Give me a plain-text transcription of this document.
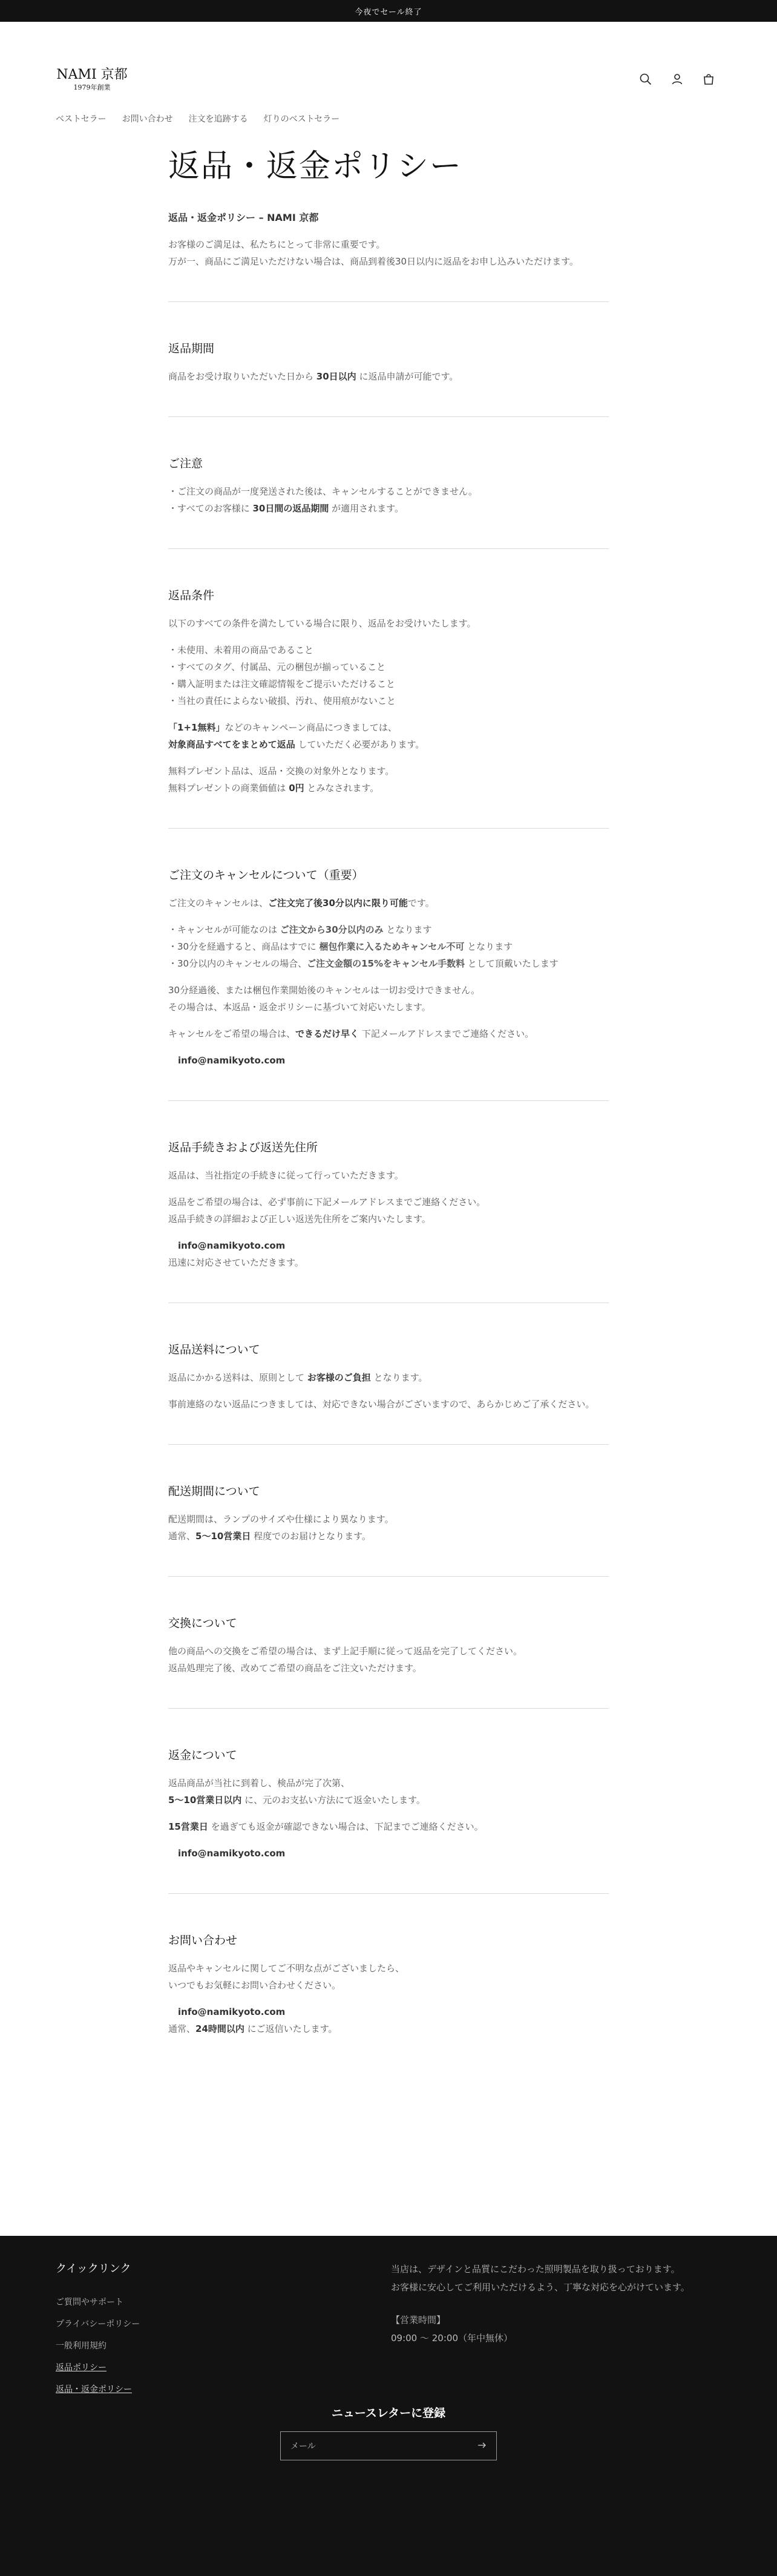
今夜でセール終了
NAMI 京都
1979年創業
ベストセラー お問い合わせ 注文を追跡する 灯りのベストセラー
返品・返金ポリシー
返品・返金ポリシー – NAMI 京都

お客様のご満足は、私たちにとって非常に重要です。
万が一、商品にご満足いただけない場合は、商品到着後30日以内に返品をお申し込みいただけます。

返品期間

商品をお受け取りいただいた日から 30日以内 に返品申請が可能です。

ご注意

・ご注文の商品が一度発送された後は、キャンセルすることができません。
・すべてのお客様に 30日間の返品期間 が適用されます。

返品条件

以下のすべての条件を満たしている場合に限り、返品をお受けいたします。

・未使用、未着用の商品であること
・すべてのタグ、付属品、元の梱包が揃っていること
・購入証明または注文確認情報をご提示いただけること
・当社の責任によらない破損、汚れ、使用痕がないこと

「1+1無料」などのキャンペーン商品につきましては、
対象商品すべてをまとめて返品 していただく必要があります。

無料プレゼント品は、返品・交換の対象外となります。
無料プレゼントの商業価値は 0円 とみなされます。

ご注文のキャンセルについて（重要）

ご注文のキャンセルは、ご注文完了後30分以内に限り可能です。

・キャンセルが可能なのは ご注文から30分以内のみ となります
・30分を経過すると、商品はすでに 梱包作業に入るためキャンセル不可 となります
・30分以内のキャンセルの場合、ご注文金額の15%をキャンセル手数料 として頂戴いたします

30分経過後、または梱包作業開始後のキャンセルは一切お受けできません。
その場合は、本返品・返金ポリシーに基づいて対応いたします。

キャンセルをご希望の場合は、できるだけ早く 下記メールアドレスまでご連絡ください。

info@namikyoto.com
返品手続きおよび返送先住所

返品は、当社指定の手続きに従って行っていただきます。

返品をご希望の場合は、必ず事前に下記メールアドレスまでご連絡ください。
返品手続きの詳細および正しい返送先住所をご案内いたします。

info@namikyoto.com

迅速に対応させていただきます。

返品送料について

返品にかかる送料は、原則として お客様のご負担 となります。

事前連絡のない返品につきましては、対応できない場合がございますので、あらかじめご了承ください。

配送期間について

配送期間は、ランプのサイズや仕様により異なります。
通常、5〜10営業日 程度でのお届けとなります。

交換について

他の商品への交換をご希望の場合は、まず上記手順に従って返品を完了してください。
返品処理完了後、改めてご希望の商品をご注文いただけます。

返金について

返品商品が当社に到着し、検品が完了次第、
5〜10営業日以内 に、元のお支払い方法にて返金いたします。

15営業日 を過ぎても返金が確認できない場合は、下記までご連絡ください。

info@namikyoto.com
お問い合わせ

返品やキャンセルに関してご不明な点がございましたら、
いつでもお気軽にお問い合わせください。

info@namikyoto.com

通常、24時間以内 にご返信いたします。

クイックリンク
ご質問やサポート
プライバシーポリシー
一般利用規約
返品ポリシー
返品・返金ポリシー
当店は、デザインと品質にこだわった照明製品を取り扱っております。
お客様に安心してご利用いただけるよう、丁寧な対応を心がけています。
【営業時間】
09:00 〜 20:00（年中無休）
ニュースレターに登録
メール
